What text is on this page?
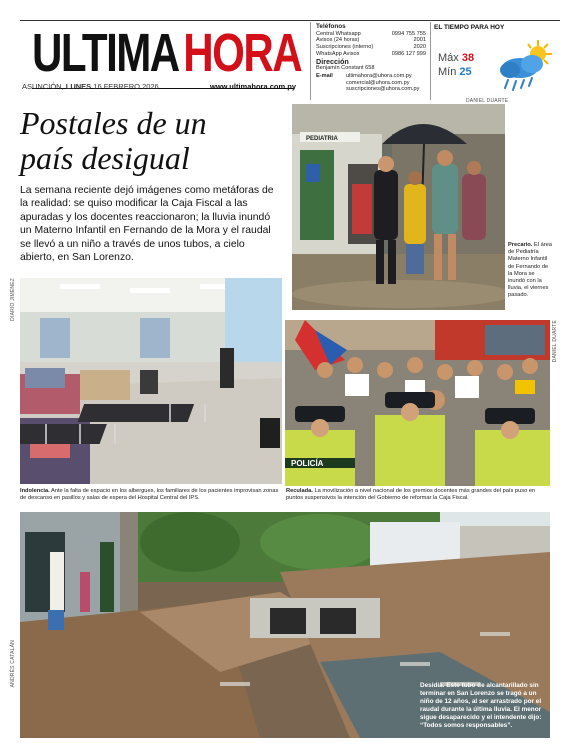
ULTIMAHORA
ASUNCIÓN, LUNES 16 FEBRERO 2026	www.ultimahora.com.py
Teléfonos
Central Whatsapp	0994 755 755
Avisos (24 horas)	2001
Suscripciones (interno)	2020
WhatsApp Avisos	0986 127 999
Dirección
Benjamín Constant 658
E-mail	ultimahora@uhora.com.py
comercial@uhora.com.py
suscripciones@uhora.com.py
EL TIEMPO PARA HOY
Máx 38
Mín 25
Postales de un
país desigual
La semana reciente dejó imágenes como metáforas de la realidad: se quiso modificar la Caja Fiscal a las apuradas y los docentes reaccionaron; la lluvia inundó un Materno Infantil en Fernando de la Mora y el raudal se llevó a un niño a través de unos tubos, a cielo abierto, en San Lorenzo.
DANIEL DUARTE
PEDIATRIA
Precario. El área de Pediatría Materno Infantil de Fernando de la Mora se inundó con la lluvia, el viernes pasado.
DIARIO JIMÉNEZ
Indolencia. Ante la falta de espacio en los albergues, los familiares de los pacientes improvisan zonas de descanso en pasillos y salas de espera del Hospital Central del IPS.
DANIEL DUARTE
POLICÍA
Reculada. La movilización a nivel nacional de los gremios docentes más grandes del país puso en puntos suspensivos la intención del Gobierno de reformar la Caja Fiscal.
ANDRÉS CATALÁN	Desidia. Este tubo de alcantarillado sin terminar en San Lorenzo se tragó a un niño de 12 años, al ser arrastrado por el raudal durante la última lluvia. El menor sigue desaparecido y el intendente dijo: “Todos somos responsables”.
